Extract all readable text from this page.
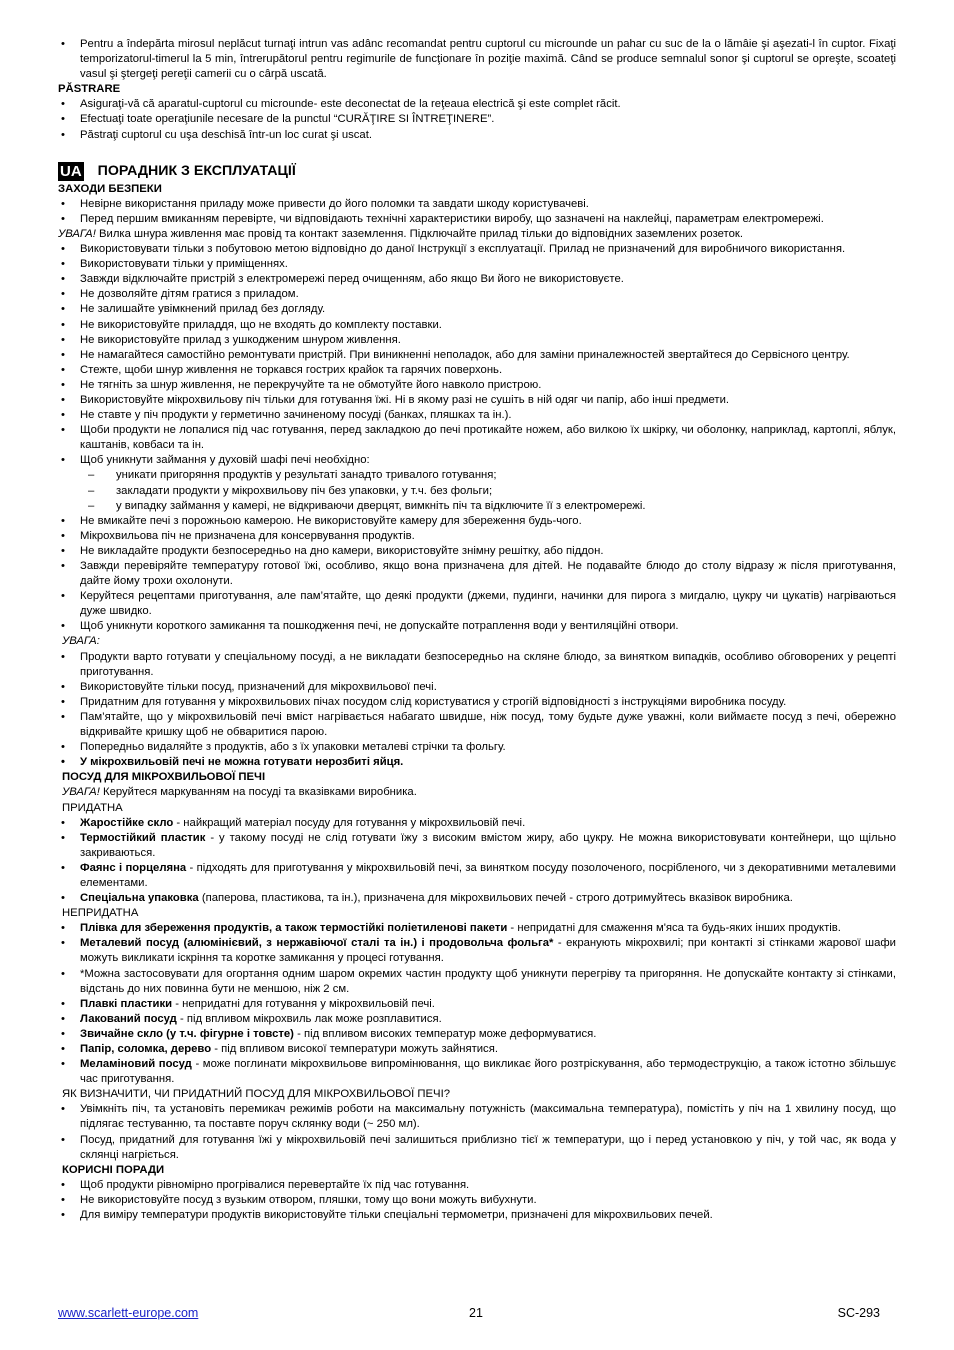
• Pentru a îndepărta mirosul neplăcut turnaţi intrun vas adânc recomandat pentru cuptorul cu microunde un pahar cu suc de la o lămâie şi aşezati-l în cuptor. Fixaţi temporizatorul-timerul la 5 min, întrerupătorul pentru regimurile de funcţionare în poziţie maximă. Când se produce semnalul sonor şi cuptorul se opreşte, scoateţi vasul şi ştergeţi pereţii camerii cu o cârpă uscată.
PĂSTRARE
• Asiguraţi-vă că aparatul-cuptorul cu microunde- este deconectat de la reţeaua electrică şi este complet răcit.
• Efectuaţi toate operaţiunile necesare de la punctul “CURĂŢIRE SI ÎNTREŢINERE”.
• Păstraţi cuptorul cu uşa deschisă într-un loc curat şi uscat.
UA ПОРАДНИК З ЕКСПЛУАТАЦІЇ
ЗАХОДИ БЕЗПЕКИ
• Невірне використання приладу може привести до його поломки та завдати шкоду користувачеві.
• Перед першим вмиканням перевірте, чи відповідають технічні характеристики виробу, що зазначені на наклейці, параметрам електромережі.
УВАГА! Вилка шнура живлення має провід та контакт заземлення. Підключайте прилад тільки до відповідних заземлених розеток.
• Використовувати тільки з побутовою метою відповідно до даної Інструкції з експлуатації. Прилад не призначений для виробничого використання.
• Використовувати тільки у приміщеннях.
• Завжди відключайте пристрій з електромережі перед очищенням, або якщо Ви його не використовуєте.
• Не дозволяйте дітям гратися з приладом.
• Не залишайте увімкнений прилад без догляду.
• Не використовуйте приладдя, що не входять до комплекту поставки.
• Не використовуйте прилад з ушкодженим шнуром живлення.
• Не намагайтеся самостійно ремонтувати пристрій. При виникненні неполадок, або для заміни приналежностей звертайтеся до Сервісного центру.
• Стежте, щоби шнур живлення не торкався гострих крайок та гарячих поверхонь.
• Не тягніть за шнур живлення, не перекручуйте та не обмотуйте його навколо пристрою.
• Використовуйте мікрохвильову піч тільки для готування їжі. Ні в якому разі не сушіть в ній одяг чи папір, або інші предмети.
• Не ставте у піч продукти у герметично зачиненому посуді (банках, пляшках та ін.).
• Щоби продукти не лопалися під час готування, перед закладкою до печі протикайте ножем, або вилкою їх шкірку, чи оболонку, наприклад, картоплі, яблук, каштанів, ковбаси та ін.
• Щоб уникнути займання у духовій шафі печі необхідно:
– уникати пригоряння продуктів у результаті занадто тривалого готування;
– закладати продукти у мікрохвильову піч без упаковки, у т.ч. без фольги;
– у випадку займання у камері, не відкриваючи дверцят, вимкніть піч та відключите її з електромережі.
• Не вмикайте печі з порожньою камерою. Не використовуйте камеру для збереження будь-чого.
• Мікрохвильова піч не призначена для консервування продуктів.
• Не викладайте продукти безпосередньо на дно камери, використовуйте знімну решітку, або піддон.
• Завжди перевіряйте температуру готової їжі, особливо, якщо вона призначена для дітей. Не подавайте блюдо до столу відразу ж після приготування, дайте йому трохи охолонути.
• Керуйтеся рецептами приготування, але пам’ятайте, що деякі продукти (джеми, пудинги, начинки для пирога з мигдалю, цукру чи цукатів) нагріваються дуже швидко.
• Щоб уникнути короткого замикання та пошкодження печі, не допускайте потраплення води у вентиляційні отвори.
УВАГА:
• Продукти варто готувати у спеціальному посуді, а не викладати безпосередньо на скляне блюдо, за винятком випадків, особливо обговорених у рецепті приготування.
• Використовуйте тільки посуд, призначений для мікрохвильової печі.
• Придатним для готування у мікрохвильових пічах посудом слід користуватися у строгій відповідності з інструкціями виробника посуду.
• Пам’ятайте, що у мікрохвильовій печі вміст нагрівається набагато швидше, ніж посуд, тому будьте дуже уважні, коли виймаєте посуд з печі, обережно відкривайте кришку щоб не обваритися парою.
• Попередньо видаляйте з продуктів, або з їх упаковки металеві стрічки та фольгу.
• У мікрохвильовій печі не можна готувати нерозбиті яйця.
ПОСУД ДЛЯ МІКРОХВИЛЬОВОЇ ПЕЧІ
УВАГА! Керуйтеся маркуванням на посуді та вказівками виробника.
ПРИДАТНА
• Жаростійке скло - найкращий матеріал посуду для готування у мікрохвильовій печі.
• Термостійкий пластик - у такому посуді не слід готувати їжу з високим вмістом жиру, або цукру. Не можна використовувати контейнери, що щільно закриваються.
• Фаянс і порцеляна - підходять для приготування у мікрохвильовій печі, за винятком посуду позолоченого, посрібленого, чи з декоративними металевими елементами.
• Спеціальна упаковка (паперова, пластикова, та ін.), призначена для мікрохвильових печей - строго дотримуйтесь вказівок виробника.
НЕПРИДАТНА
• Плівка для збереження продуктів, а також термостійкі поліетиленові пакети - непридатні для смаження м'яса та будь-яких інших продуктів.
• Металевий посуд (алюмінієвий, з нержавіючої сталі та ін.) і продовольча фольга* - екранують мікрохвилі; при контакті зі стінками жарової шафи можуть викликати іскріння та коротке замикання у процесі готування.
• *Можна застосовувати для огортання одним шаром окремих частин продукту щоб уникнути перегріву та пригоряння. Не допускайте контакту зі стінками, відстань до них повинна бути не меншою, ніж 2 см.
• Плавкі пластики - непридатні для готування у мікрохвильовій печі.
• Лакований посуд - під впливом мікрохвиль лак може розплавитися.
• Звичайне скло (у т.ч. фігурне і товсте) - під впливом високих температур може деформуватися.
• Папір, соломка, дерево - під впливом високої температури можуть зайнятися.
• Меламіновий посуд - може поглинати мікрохвильове випромінювання, що викликає його розтріскування, або термодеструкцію, а також істотно збільшує час приготування.
ЯК ВИЗНАЧИТИ, ЧИ ПРИДАТНИЙ ПОСУД ДЛЯ МІКРОХВИЛЬОВОЇ ПЕЧІ?
• Увімкніть піч, та установіть перемикач режимів роботи на максимальну потужність (максимальна температура), помістіть у піч на 1 хвилину посуд, що підлягає тестуванню, та поставте поруч склянку води (~ 250 мл).
• Посуд, придатний для готування їжі у мікрохвильовій печі залишиться приблизно тієї ж температури, що і перед установкою у піч, у той час, як вода у склянці нагріється.
КОРИСНІ ПОРАДИ
• Щоб продукти рівномірно прогрівалися перевертайте їх під час готування.
• Не використовуйте посуд з вузьким отвором, пляшки, тому що вони можуть вибухнути.
• Для виміру температури продуктів використовуйте тільки спеціальні термометри, призначені для мікрохвильових печей.
www.scarlett-europe.com	21	SC-293
